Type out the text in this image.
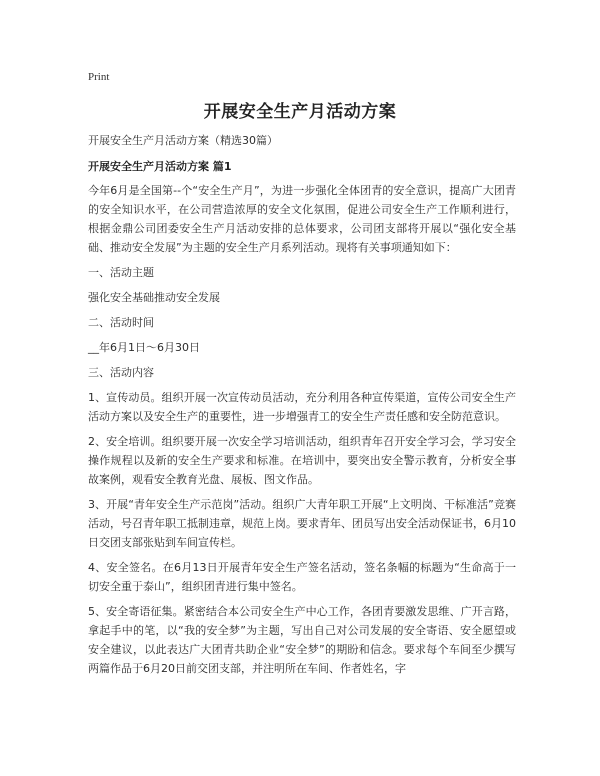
Print
开展安全生产月活动方案

开展安全生产月活动方案（精选30篇）

开展安全生产月活动方案 篇1

今年6月是全国第--个“安全生产月”，为进一步强化全体团青的安全意识，提高广大团青的安全知识水平，在公司营造浓厚的安全文化氛围，促进公司安全生产工作顺利进行，根据金鼎公司团委安全生产月活动安排的总体要求，公司团支部将开展以“强化安全基础、推动安全发展”为主题的安全生产月系列活动。现将有关事项通知如下：

一、活动主题

强化安全基础推动安全发展

二、活动时间

__年6月1日～6月30日

三、活动内容

1、宣传动员。组织开展一次宣传动员活动，充分利用各种宣传渠道，宣传公司安全生产活动方案以及安全生产的重要性，进一步增强青工的安全生产责任感和安全防范意识。

2、安全培训。组织要开展一次安全学习培训活动，组织青年召开安全学习会，学习安全操作规程以及新的安全生产要求和标准。在培训中，要突出安全警示教育，分析安全事故案例，观看安全教育光盘、展板、图文作品。

3、开展“青年安全生产示范岗”活动。组织广大青年职工开展“上文明岗、干标准活”竞赛活动，号召青年职工抵制违章，规范上岗。要求青年、团员写出安全活动保证书，6月10日交团支部张贴到车间宣传栏。

4、安全签名。在6月13日开展青年安全生产签名活动，签名条幅的标题为“生命高于一切安全重于泰山”，组织团青进行集中签名。

5、安全寄语征集。紧密结合本公司安全生产中心工作，各团青要激发思维、广开言路，拿起手中的笔，以“我的安全梦”为主题，写出自己对公司发展的安全寄语、安全愿望或安全建议，以此表达广大团青共助企业“安全梦”的期盼和信念。要求每个车间至少撰写两篇作品于6月20日前交团支部，并注明所在车间、作者姓名，字
